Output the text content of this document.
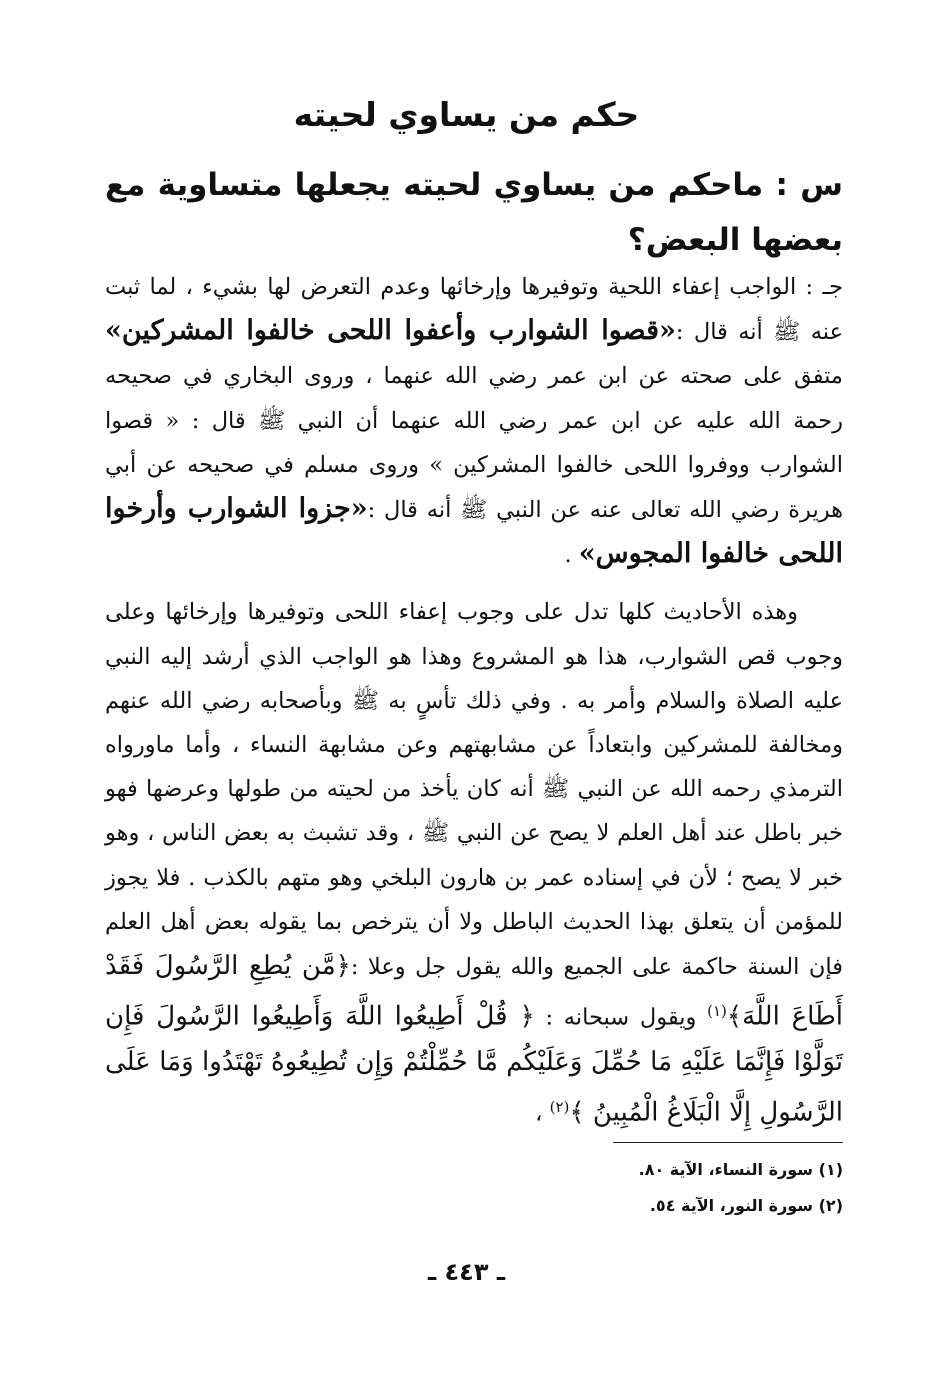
حكم من يساوي لحيته
س : ماحكم من يساوي لحيته يجعلها متساوية مع بعضها البعض؟

جـ : الواجب إعفاء اللحية وتوفيرها وإرخائها وعدم التعرض لها بشيء ، لما ثبت عنه ﷺ أنه قال :«قصوا الشوارب وأعفوا اللحى خالفوا المشركين» متفق على صحته عن ابن عمر رضي الله عنهما ، وروى البخاري في صحيحه رحمة الله عليه عن ابن عمر رضي الله عنهما أن النبي ﷺ قال : « قصوا الشوارب ووفروا اللحى خالفوا المشركين » وروى مسلم في صحيحه عن أبي هريرة رضي الله تعالى عنه عن النبي ﷺ أنه قال :«جزوا الشوارب وأرخوا اللحى خالفوا المجوس» .

  وهذه الأحاديث كلها تدل على وجوب إعفاء اللحى وتوفيرها وإرخائها وعلى وجوب قص الشوارب، هذا هو المشروع وهذا هو الواجب الذي أرشد إليه النبي عليه الصلاة والسلام وأمر به . وفي ذلك تأسٍ به ﷺ وبأصحابه رضي الله عنهم ومخالفة للمشركين وابتعاداً عن مشابهتهم وعن مشابهة النساء ، وأما ماورواه الترمذي رحمه الله عن النبي ﷺ أنه كان يأخذ من لحيته من طولها وعرضها فهو خبر باطل عند أهل العلم لا يصح عن النبي ﷺ ، وقد تشبث به بعض الناس ، وهو خبر لا يصح ؛ لأن في إسناده عمر بن هارون البلخي وهو متهم بالكذب . فلا يجوز للمؤمن أن يتعلق بهذا الحديث الباطل ولا أن يترخص بما يقوله بعض أهل العلم فإن السنة حاكمة على الجميع والله يقول جل وعلا :﴿مَّن يُطِعِ الرَّسُولَ فَقَدْ أَطَاعَ اللَّهَ﴾$^{(١)}$ ويقول سبحانه : ﴿ قُلْ أَطِيعُوا اللَّهَ وَأَطِيعُوا الرَّسُولَ فَإِن تَوَلَّوْا فَإِنَّمَا عَلَيْهِ مَا حُمِّلَ وَعَلَيْكُم مَّا حُمِّلْتُمْ وَإِن تُطِيعُوهُ تَهْتَدُوا وَمَا عَلَى الرَّسُولِ إِلَّا الْبَلَاغُ الْمُبِينُ ﴾$^{(٢)}$ ،

(١) سورة النساء، الآية ٨٠.
(٢) سورة النور، الآية ٥٤.
ـ ٤٤٣ ـ
